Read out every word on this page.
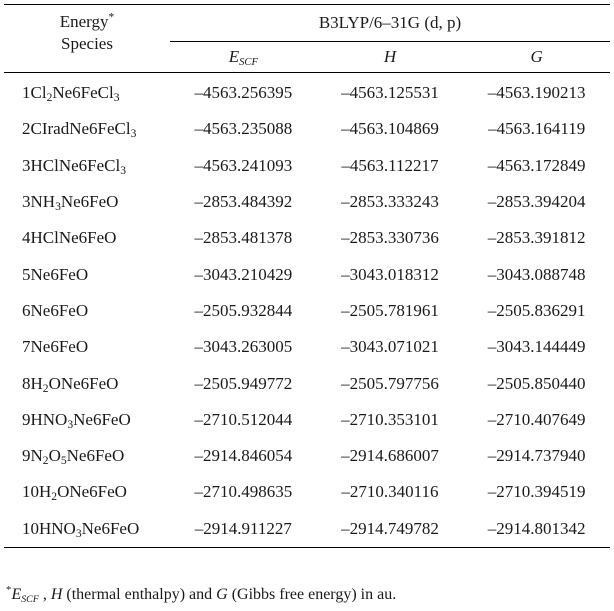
Energy*
Species	B3LYP/6–31G (d, p)		
	ESCF	H	G
$1Cl_2Ne6FeCl_3$	–4563.256395	–4563.125531	–4563.190213
2CIradNe6FeCl$_3$	–4563.235088	–4563.104869	–4563.164119
3HClNe6FeCl$_3$	–4563.241093	–4563.112217	–4563.172849
$3NH_3Ne6FeO$	–2853.484392	–2853.333243	–2853.394204
4HClNe6FeO	–2853.481378	–2853.330736	–2853.391812
5Ne6FeO	–3043.210429	–3043.018312	–3043.088748
6Ne6FeO	–2505.932844	–2505.781961	–2505.836291
7Ne6FeO	–3043.263005	–3043.071021	–3043.144449
$8H_2ONe6FeO$	–2505.949772	–2505.797756	–2505.850440
$9HNO_3Ne6FeO$	–2710.512044	–2710.353101	–2710.407649
$9N_2O_5Ne6FeO$	–2914.846054	–2914.686007	–2914.737940
$10H_2ONe6FeO$	–2710.498635	–2710.340116	–2710.394519
$10HNO_3Ne6FeO$	–2914.911227	–2914.749782	–2914.801342
*ESCF , H (thermal enthalpy) and G (Gibbs free energy) in au.
